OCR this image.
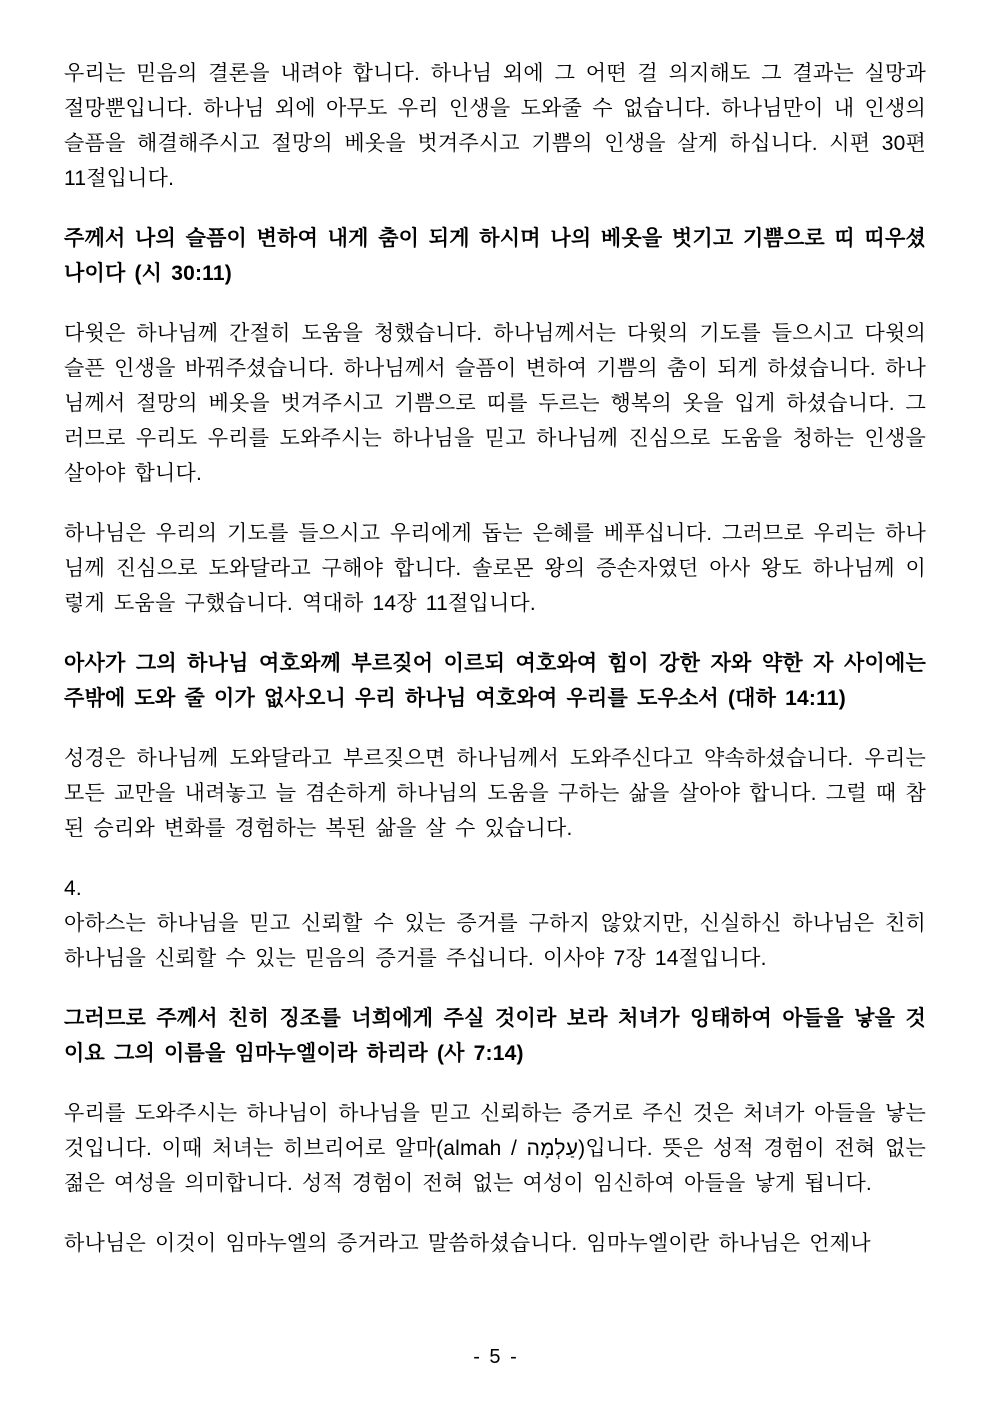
우리는 믿음의 결론을 내려야 합니다. 하나님 외에 그 어떤 걸 의지해도 그 결과는 실망과 절망뿐입니다. 하나님 외에 아무도 우리 인생을 도와줄 수 없습니다. 하나님만이 내 인생의 슬픔을 해결해주시고 절망의 베옷을 벗겨주시고 기쁨의 인생을 살게 하십니다. 시편 30편 11절입니다.

주께서 나의 슬픔이 변하여 내게 춤이 되게 하시며 나의 베옷을 벗기고 기쁨으로 띠 띠우셨나이다 (시 30:11)

다윗은 하나님께 간절히 도움을 청했습니다. 하나님께서는 다윗의 기도를 들으시고 다윗의 슬픈 인생을 바꿔주셨습니다. 하나님께서 슬픔이 변하여 기쁨의 춤이 되게 하셨습니다. 하나님께서 절망의 베옷을 벗겨주시고 기쁨으로 띠를 두르는 행복의 옷을 입게 하셨습니다. 그러므로 우리도 우리를 도와주시는 하나님을 믿고 하나님께 진심으로 도움을 청하는 인생을 살아야 합니다.

하나님은 우리의 기도를 들으시고 우리에게 돕는 은혜를 베푸십니다. 그러므로 우리는 하나님께 진심으로 도와달라고 구해야 합니다. 솔로몬 왕의 증손자였던 아사 왕도 하나님께 이렇게 도움을 구했습니다. 역대하 14장 11절입니다.

아사가 그의 하나님 여호와께 부르짖어 이르되 여호와여 힘이 강한 자와 약한 자 사이에는 주밖에 도와 줄 이가 없사오니 우리 하나님 여호와여 우리를 도우소서 (대하 14:11)

성경은 하나님께 도와달라고 부르짖으면 하나님께서 도와주신다고 약속하셨습니다. 우리는 모든 교만을 내려놓고 늘 겸손하게 하나님의 도움을 구하는 삶을 살아야 합니다. 그럴 때 참된 승리와 변화를 경험하는 복된 삶을 살 수 있습니다.

4.

아하스는 하나님을 믿고 신뢰할 수 있는 증거를 구하지 않았지만, 신실하신 하나님은 친히 하나님을 신뢰할 수 있는 믿음의 증거를 주십니다. 이사야 7장 14절입니다.

그러므로 주께서 친히 징조를 너희에게 주실 것이라 보라 처녀가 잉태하여 아들을 낳을 것이요 그의 이름을 임마누엘이라 하리라 (사 7:14)

우리를 도와주시는 하나님이 하나님을 믿고 신뢰하는 증거로 주신 것은 처녀가 아들을 낳는 것입니다. 이때 처녀는 히브리어로 알마(almah / עַלְמָה)입니다. 뜻은 성적 경험이 전혀 없는 젊은 여성을 의미합니다. 성적 경험이 전혀 없는 여성이 임신하여 아들을 낳게 됩니다.

하나님은 이것이 임마누엘의 증거라고 말씀하셨습니다. 임마누엘이란 하나님은 언제나

- 5 -
